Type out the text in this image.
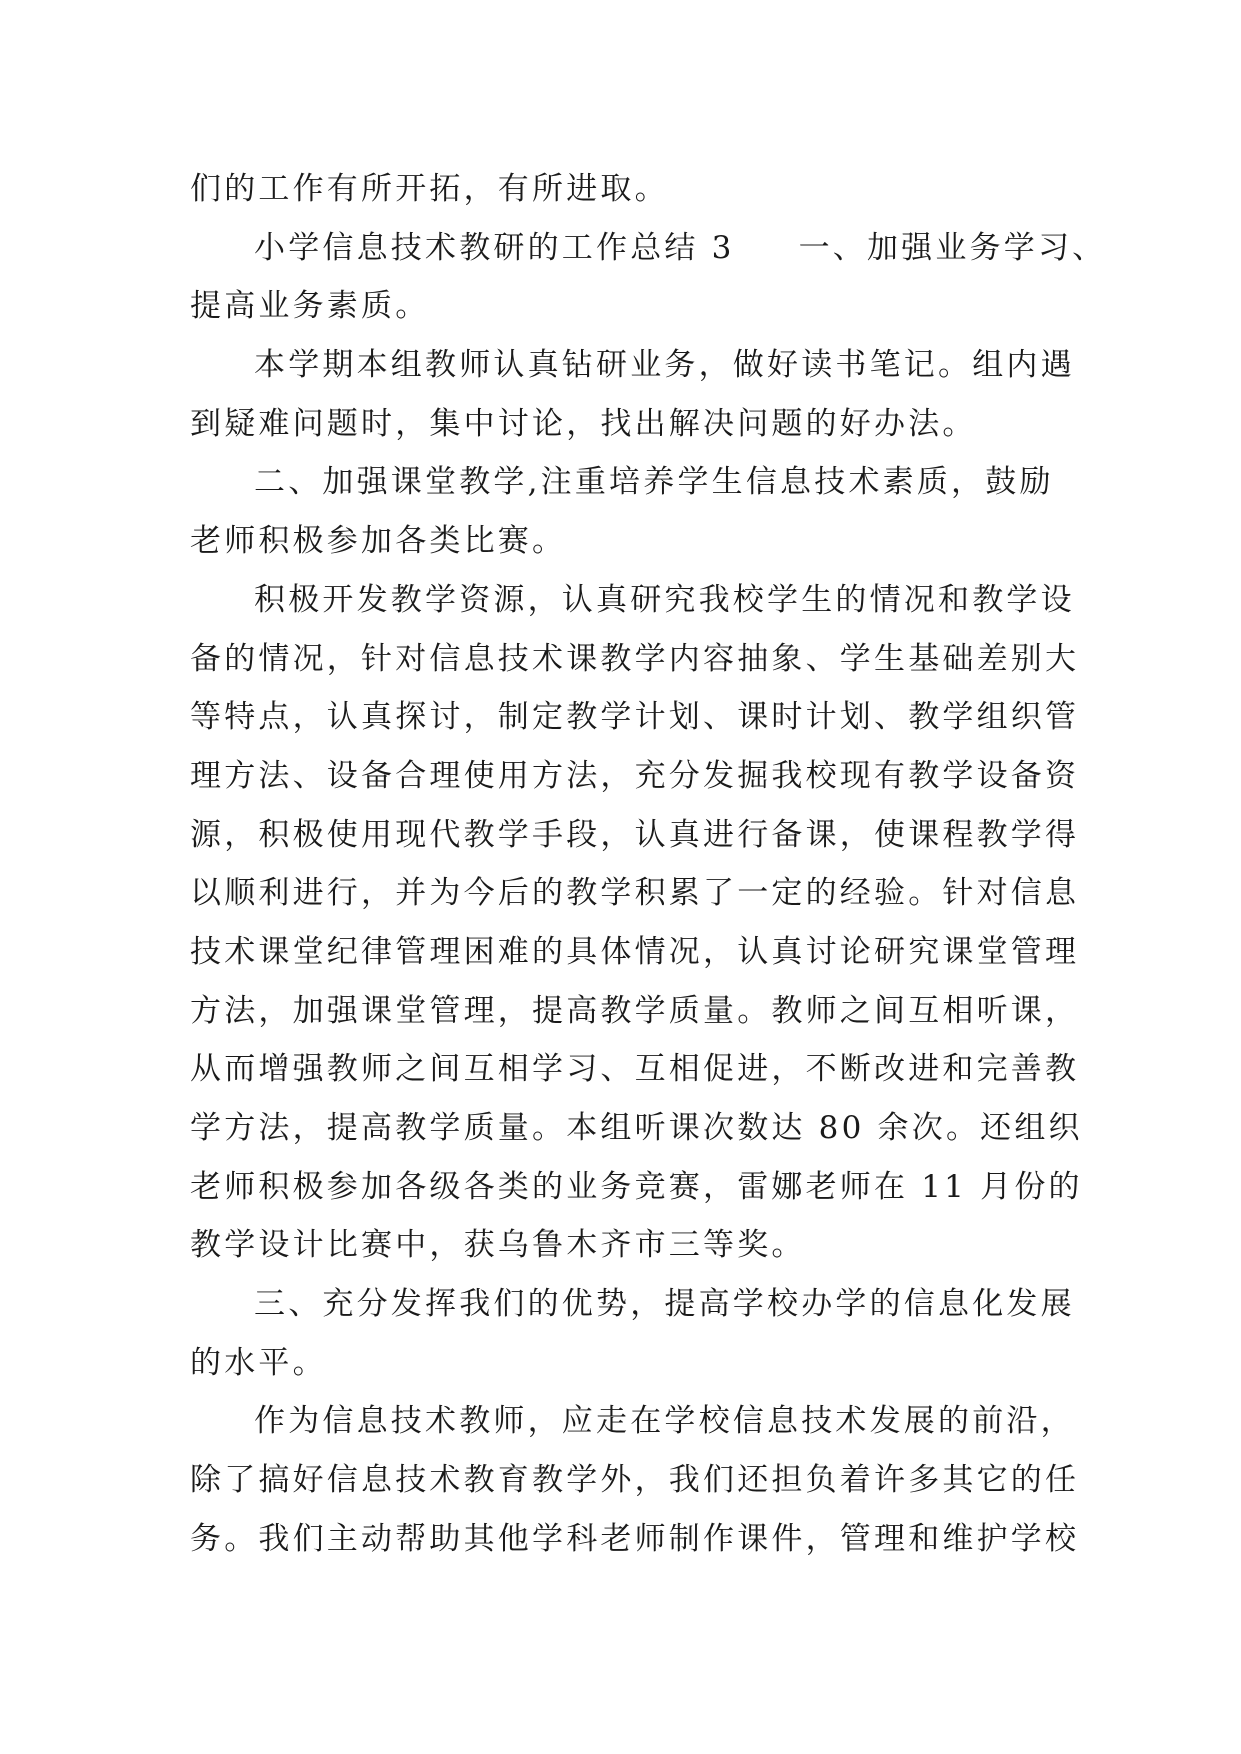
们的工作有所开拓，有所进取。
小学信息技术教研的工作总结 3 一、加强业务学习、
提高业务素质。
本学期本组教师认真钻研业务，做好读书笔记。组内遇
到疑难问题时，集中讨论，找出解决问题的好办法。
二、加强课堂教学,注重培养学生信息技术素质，鼓励
老师积极参加各类比赛。
积极开发教学资源，认真研究我校学生的情况和教学设
备的情况，针对信息技术课教学内容抽象、学生基础差别大
等特点，认真探讨，制定教学计划、课时计划、教学组织管
理方法、设备合理使用方法，充分发掘我校现有教学设备资
源，积极使用现代教学手段，认真进行备课，使课程教学得
以顺利进行，并为今后的教学积累了一定的经验。针对信息
技术课堂纪律管理困难的具体情况，认真讨论研究课堂管理
方法，加强课堂管理，提高教学质量。教师之间互相听课，
从而增强教师之间互相学习、互相促进，不断改进和完善教
学方法，提高教学质量。本组听课次数达 80 余次。还组织
老师积极参加各级各类的业务竞赛，雷娜老师在 11 月份的
教学设计比赛中，获乌鲁木齐市三等奖。
三、充分发挥我们的优势，提高学校办学的信息化发展
的水平。
作为信息技术教师，应走在学校信息技术发展的前沿，
除了搞好信息技术教育教学外，我们还担负着许多其它的任
务。我们主动帮助其他学科老师制作课件，管理和维护学校
